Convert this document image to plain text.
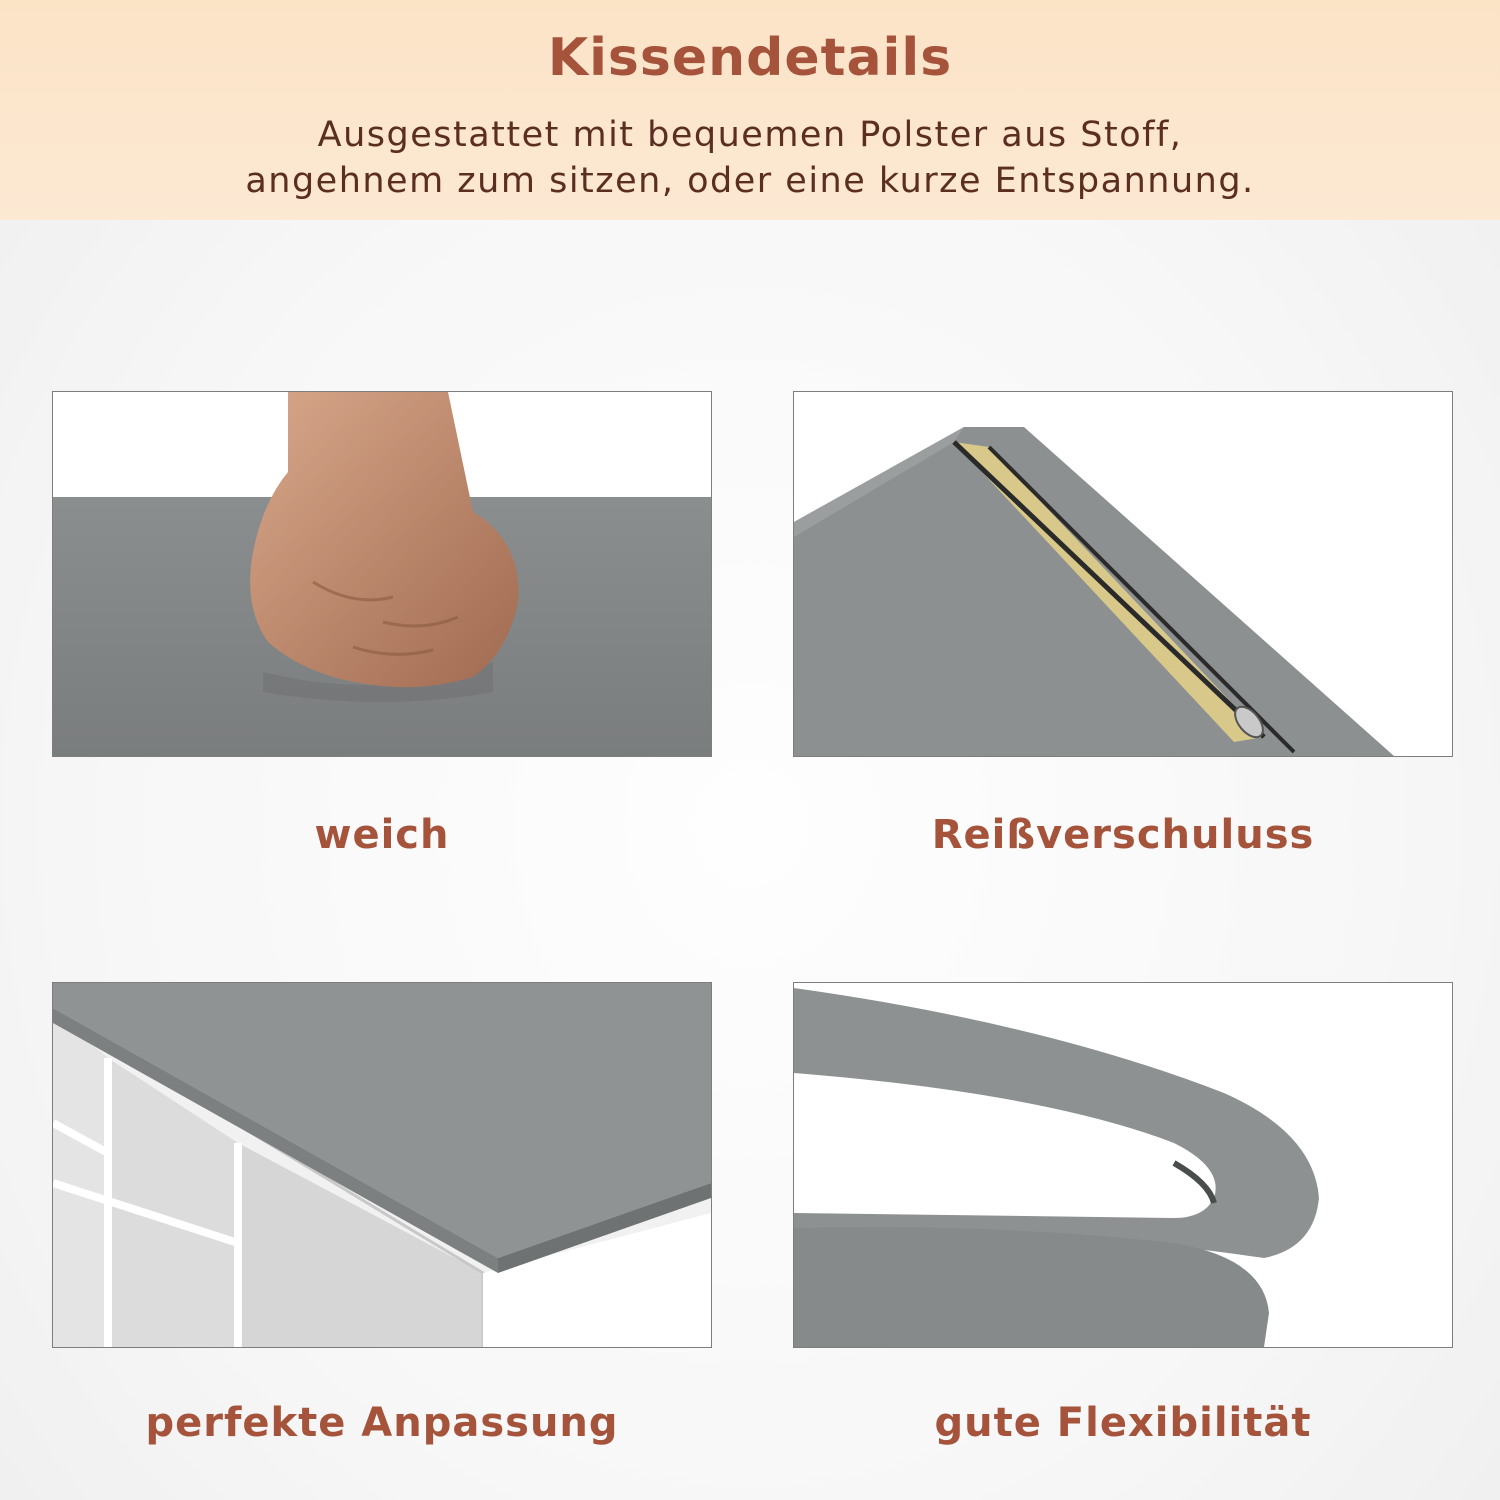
Kissendetails
Ausgestattet mit bequemen Polster aus Stoff,
angehnem zum sitzen, oder eine kurze Entspannung.
weich	Reißverschuluss
perfekte Anpassung	gute Flexibilität
